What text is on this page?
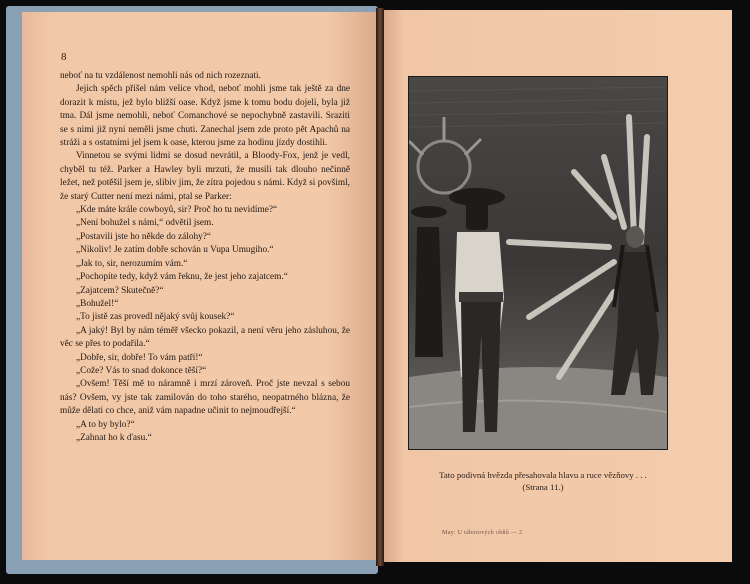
8

neboť na tu vzdálenost nemohli nás od nich rozeznati.

Jejich spěch přišel nám velice vhod, neboť mohli jsme tak ještě za dne dorazit k místu, jež bylo bližší oase. Když jsme k tomu bodu dojeli, byla již tma. Dál jsme nemohli, neboť Comanchové se nepochybně zastavili. Sraziti se s nimi již nyní neměli jsme chuti. Zanechal jsem zde proto pět Apachů na stráži a s ostatními jel jsem k oase, kterou jsme za hodinu jízdy dostihli.

Vinnetou se svými lidmi se dosud nevrátil, a Bloody-Fox, jenž je vedl, chyběl tu též. Parker a Hawley byli mrzuti, že musili tak dlouho nečinně ležet, než potěšil jsem je, slibiv jim, že zítra pojedou s námi. Když si povšiml, že starý Cutter není mezi námi, ptal se Parker:

„Kde máte krále cowboyů, sir? Proč ho tu nevidíme?“

„Není bohužel s námi,“ odvětil jsem.

„Postavili jste ho někde do zálohy?“

„Nikoliv! Je zatím dobře schován u Vupa Umugiho.“

„Jak to, sir, nerozumím vám.“

„Pochopíte tedy, když vám řeknu, že jest jeho zajatcem.“

„Zajatcem? Skutečně?“

„Bohužel!“

„To jistě zas provedl nějaký svůj kousek?“

„A jaký! Byl by nám téměř všecko pokazil, a není věru jeho zásluhou, že věc se přes to podařila.“

„Dobře, sir, dobře! To vám patří!“

„Cože? Vás to snad dokonce těší?“

„Ovšem! Těší mě to náramně i mrzí zároveň. Proč jste nevzal s sebou nás? Ovšem, vy jste tak zamilován do toho starého, neopatrného blázna, že může dělati co chce, aniž vám napadne učinit to nejmoudřejší.“

„A to by bylo?“

„Zahnat ho k ďasu.“

Tato podivná hvězda přesahovala hlavu a ruce vězňovy . . .
(Strana 11.)
May: U táborových ohňů — 2
